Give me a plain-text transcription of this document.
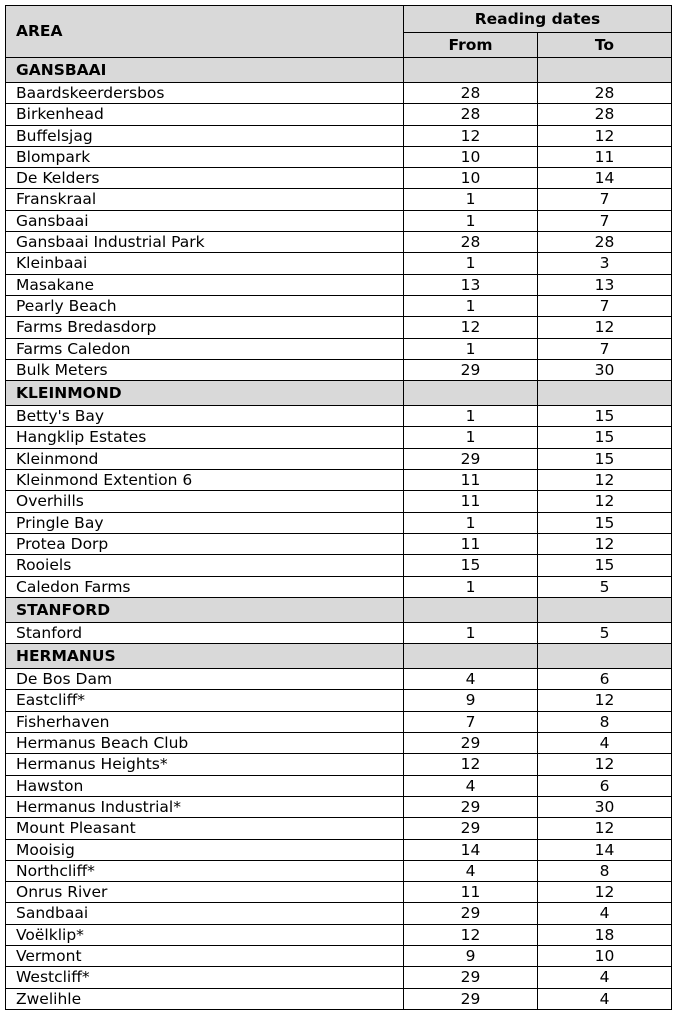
AREA	Reading dates	
	From	To
GANSBAAI		
Baardskeerdersbos	28	28
Birkenhead	28	28
Buffelsjag	12	12
Blompark	10	11
De Kelders	10	14
Franskraal	1	7
Gansbaai	1	7
Gansbaai Industrial Park	28	28
Kleinbaai	1	3
Masakane	13	13
Pearly Beach	1	7
Farms Bredasdorp	12	12
Farms Caledon	1	7
Bulk Meters	29	30
KLEINMOND		
Betty's Bay	1	15
Hangklip Estates	1	15
Kleinmond	29	15
Kleinmond Extention 6	11	12
Overhills	11	12
Pringle Bay	1	15
Protea Dorp	11	12
Rooiels	15	15
Caledon Farms	1	5
STANFORD		
Stanford	1	5
HERMANUS		
De Bos Dam	4	6
Eastcliff*	9	12
Fisherhaven	7	8
Hermanus Beach Club	29	4
Hermanus Heights*	12	12
Hawston	4	6
Hermanus Industrial*	29	30
Mount Pleasant	29	12
Mooisig	14	14
Northcliff*	4	8
Onrus River	11	12
Sandbaai	29	4
Voëlklip*	12	18
Vermont	9	10
Westcliff*	29	4
Zwelihle	29	4
